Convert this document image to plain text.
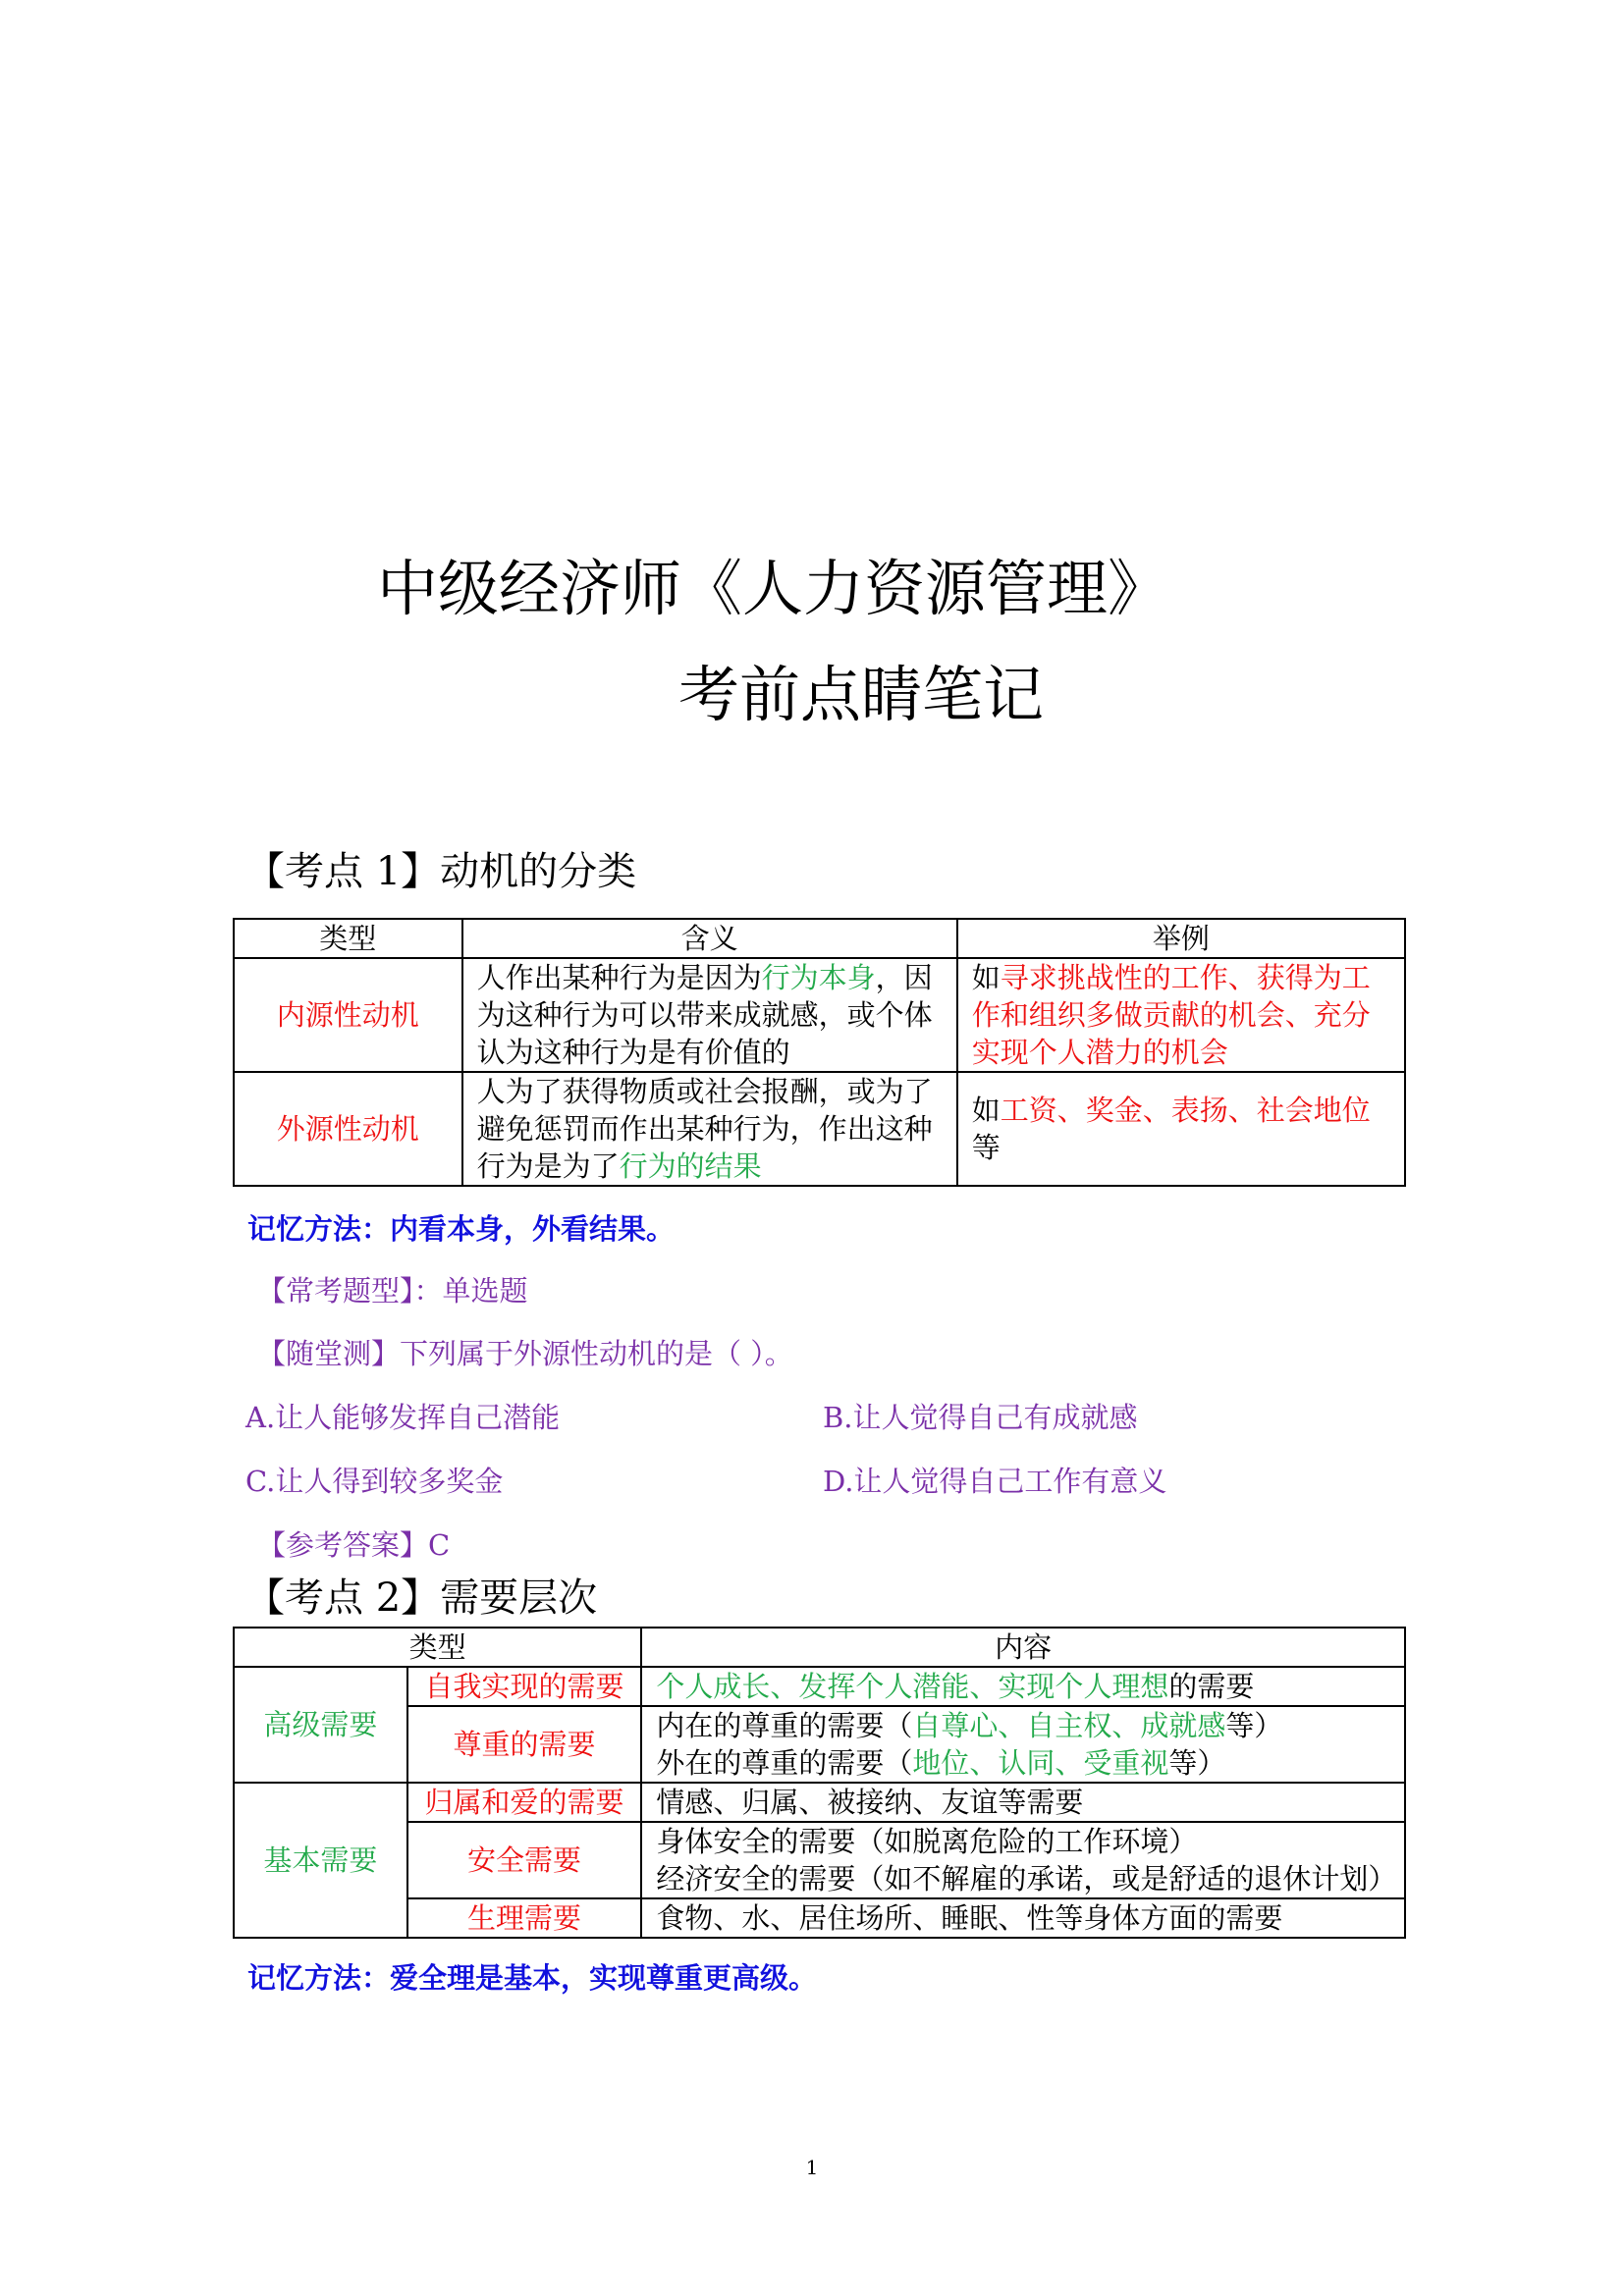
中级经济师《人力资源管理》
考前点睛笔记
【考点 1】动机的分类
类型	含义	举例
内源性动机	人作出某种行为是因为行为本身，因为这种行为可以带来成就感，或个体认为这种行为是有价值的	如寻求挑战性的工作、获得为工作和组织多做贡献的机会、充分实现个人潜力的机会
外源性动机	人为了获得物质或社会报酬，或为了避免惩罚而作出某种行为，作出这种行为是为了行为的结果	如工资、奖金、表扬、社会地位等
记忆方法：内看本身，外看结果。
【常考题型】：单选题
【随堂测】下列属于外源性动机的是（ ）。
A.让人能够发挥自己潜能	B.让人觉得自己有成就感
C.让人得到较多奖金	D.让人觉得自己工作有意义
【参考答案】C
【考点 2】需要层次
类型		内容
高级需要	自我实现的需要	个人成长、发挥个人潜能、实现个人理想的需要
	尊重的需要	内在的尊重的需要（自尊心、自主权、成就感等）
外在的尊重的需要（地位、认同、受重视等）

基本需要	归属和爱的需要	情感、归属、被接纳、友谊等需要
	安全需要	身体安全的需要（如脱离危险的工作环境）
经济安全的需要（如不解雇的承诺，或是舒适的退休计划）

	生理需要	食物、水、居住场所、睡眠、性等身体方面的需要
记忆方法：爱全理是基本，实现尊重更高级。
1
